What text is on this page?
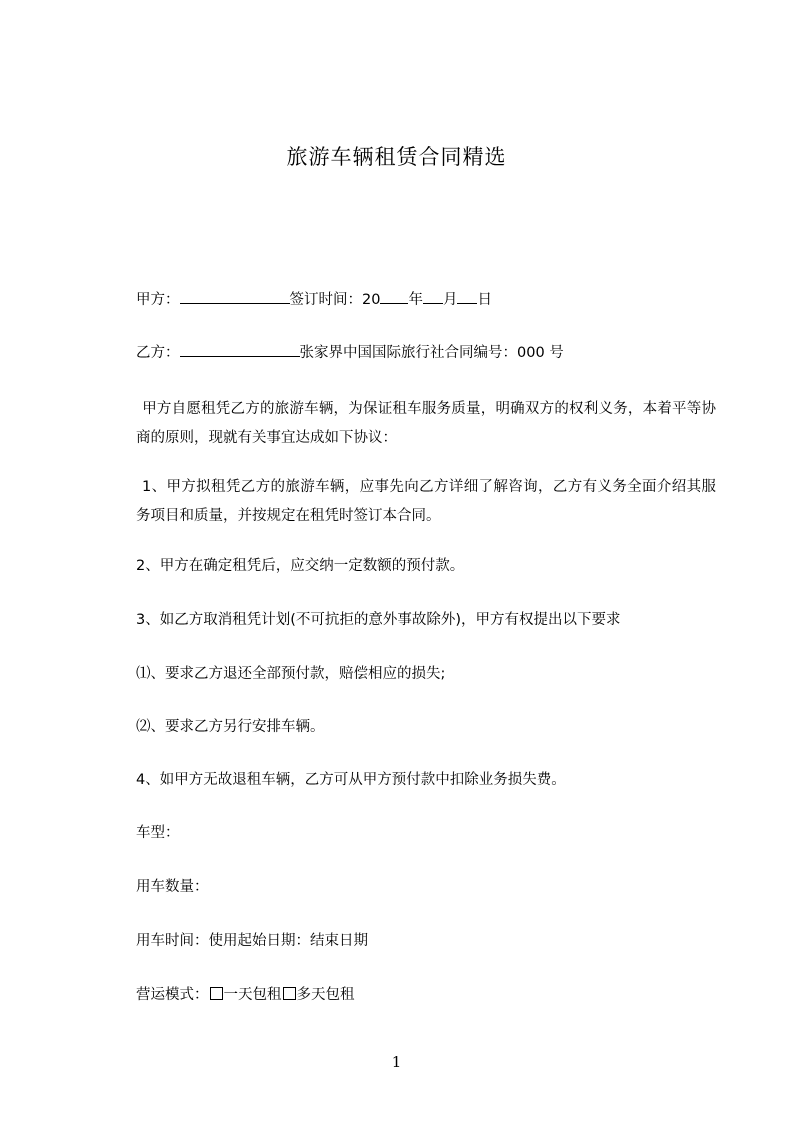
旅游车辆租赁合同精选
甲方：	签订时间：20 年 月 日
乙方：	张家界中国国际旅行社合同编号：000 号
甲方自愿租凭乙方的旅游车辆，为保证租车服务质量，明确双方的权利义务，本着平等协商的原则，现就有关事宜达成如下协议：
1、甲方拟租凭乙方的旅游车辆，应事先向乙方详细了解咨询，乙方有义务全面介绍其服务项目和质量，并按规定在租凭时签订本合同。
2、甲方在确定租凭后，应交纳一定数额的预付款。
3、如乙方取消租凭计划(不可抗拒的意外事故除外)，甲方有权提出以下要求
⑴、要求乙方退还全部预付款，赔偿相应的损失;
⑵、要求乙方另行安排车辆。
4、如甲方无故退租车辆，乙方可从甲方预付款中扣除业务损失费。
车型：
用车数量：
用车时间：使用起始日期：结束日期
营运模式： 一天包租 多天包租
1
